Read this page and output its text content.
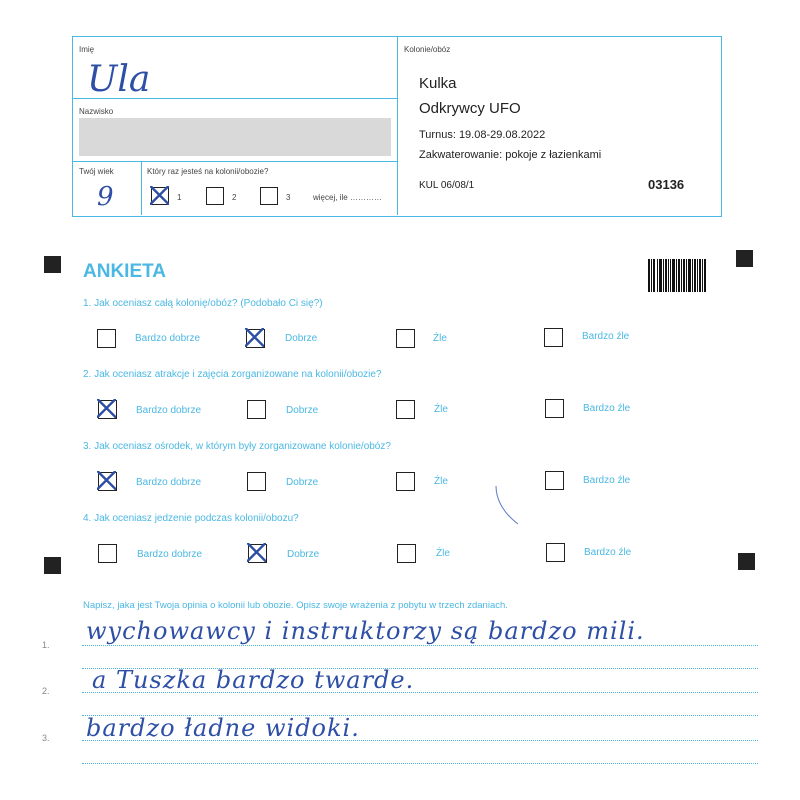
Imię
Ula
Nazwisko
Twój wiek
9
Który raz jesteś na kolonii/obozie?
1	2	3	więcej, ile …………
Kolonie/obóz
Kulka
Odkrywcy UFO
Turnus: 19.08-29.08.2022
Zakwaterowanie: pokoje z łazienkami
KUL 06/08/1	03136
ANKIETA
1. Jak oceniasz całą kolonię/obóz? (Podobało Ci się?)
Bardzo dobrze	Dobrze	Źle	Bardzo źle
2. Jak oceniasz atrakcje i zajęcia zorganizowane na kolonii/obozie?
Bardzo dobrze	Dobrze	Źle	Bardzo źle
3. Jak oceniasz ośrodek, w którym były zorganizowane kolonie/obóz?
Bardzo dobrze	Dobrze	Źle	Bardzo źle
4. Jak oceniasz jedzenie podczas kolonii/obozu?
Bardzo dobrze	Dobrze	Źle	Bardzo źle
Napisz, jaka jest Twoja opinia o kolonii lub obozie. Opisz swoje wrażenia z pobytu w trzech zdaniach.
1. wychowawcy i instruktorzy są bardzo mili.
2. a Tuszka bardzo twarde.
3. bardzo ładne widoki.
